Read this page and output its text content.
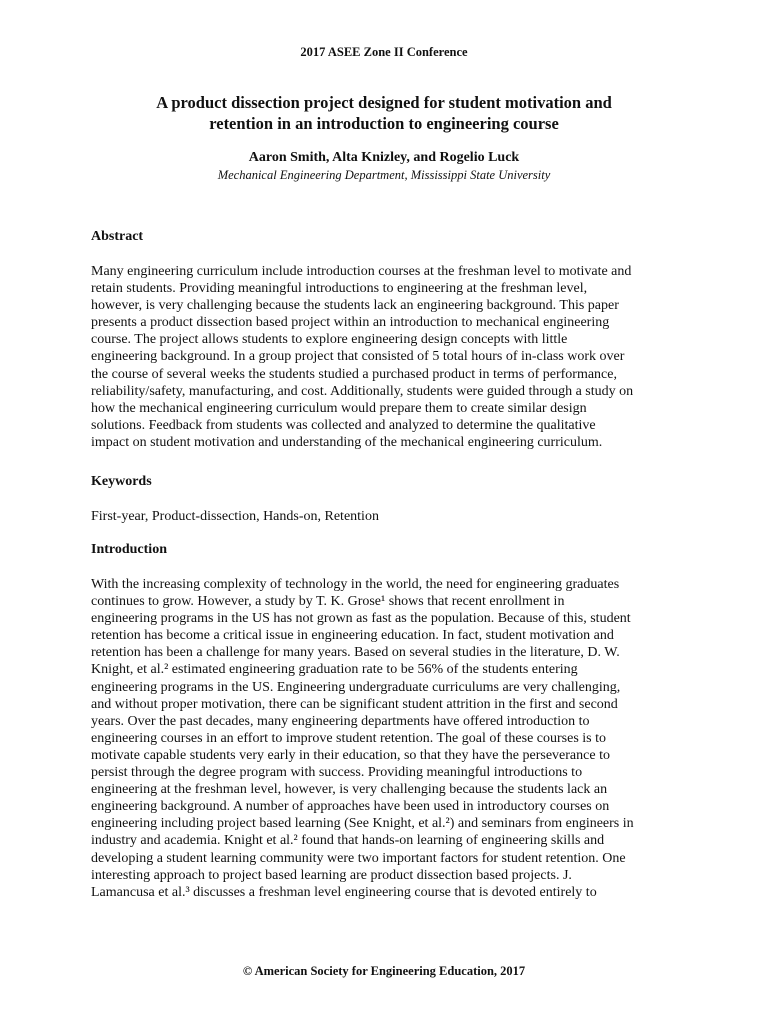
2017 ASEE Zone II Conference
A product dissection project designed for student motivation and
retention in an introduction to engineering course
Aaron Smith, Alta Knizley, and Rogelio Luck
Mechanical Engineering Department, Mississippi State University
Abstract
Many engineering curriculum include introduction courses at the freshman level to motivate and
retain students. Providing meaningful introductions to engineering at the freshman level,
however, is very challenging because the students lack an engineering background. This paper
presents a product dissection based project within an introduction to mechanical engineering
course. The project allows students to explore engineering design concepts with little
engineering background. In a group project that consisted of 5 total hours of in-class work over
the course of several weeks the students studied a purchased product in terms of performance,
reliability/safety, manufacturing, and cost. Additionally, students were guided through a study on
how the mechanical engineering curriculum would prepare them to create similar design
solutions. Feedback from students was collected and analyzed to determine the qualitative
impact on student motivation and understanding of the mechanical engineering curriculum.
Keywords
First-year, Product-dissection, Hands-on, Retention
Introduction
With the increasing complexity of technology in the world, the need for engineering graduates
continues to grow. However, a study by T. K. Grose¹ shows that recent enrollment in
engineering programs in the US has not grown as fast as the population. Because of this, student
retention has become a critical issue in engineering education. In fact, student motivation and
retention has been a challenge for many years. Based on several studies in the literature, D. W.
Knight, et al.² estimated engineering graduation rate to be 56% of the students entering
engineering programs in the US. Engineering undergraduate curriculums are very challenging,
and without proper motivation, there can be significant student attrition in the first and second
years. Over the past decades, many engineering departments have offered introduction to
engineering courses in an effort to improve student retention. The goal of these courses is to
motivate capable students very early in their education, so that they have the perseverance to
persist through the degree program with success. Providing meaningful introductions to
engineering at the freshman level, however, is very challenging because the students lack an
engineering background. A number of approaches have been used in introductory courses on
engineering including project based learning (See Knight, et al.²) and seminars from engineers in
industry and academia. Knight et al.² found that hands-on learning of engineering skills and
developing a student learning community were two important factors for student retention. One
interesting approach to project based learning are product dissection based projects. J.
Lamancusa et al.³ discusses a freshman level engineering course that is devoted entirely to
© American Society for Engineering Education, 2017
